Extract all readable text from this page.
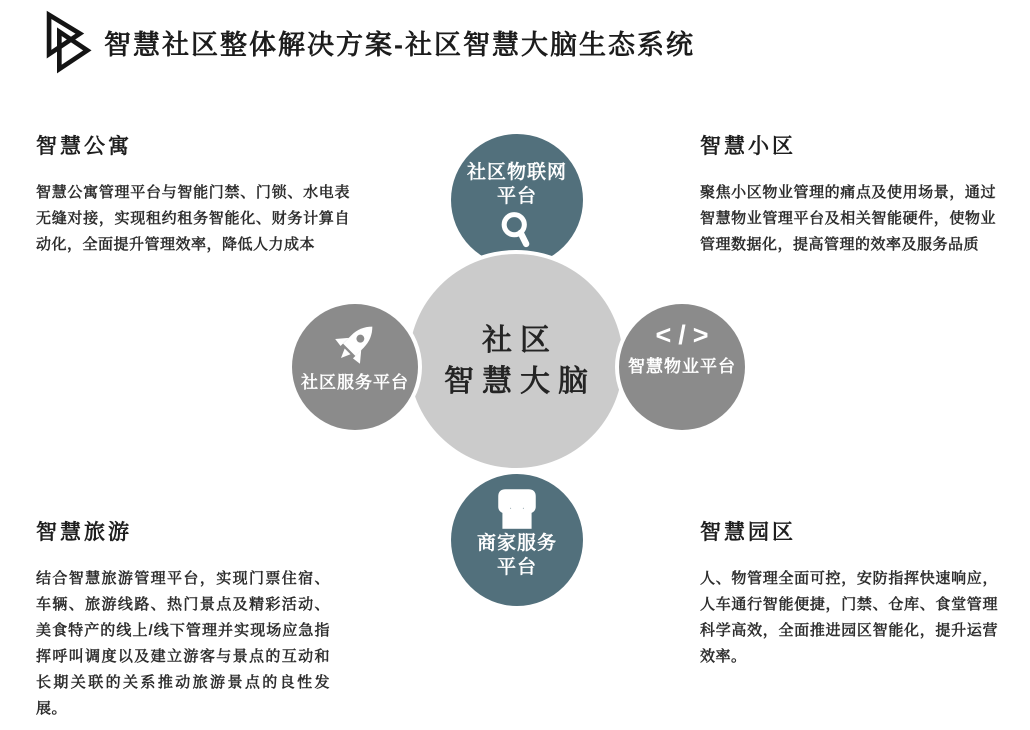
智慧社区整体解决方案-社区智慧大脑生态系统
智慧公寓

智慧公寓管理平台与智能门禁、门锁、水电表无缝对接，实现租约租务智能化、财务计算自动化，全面提升管理效率，降低人力成本

智慧小区

聚焦小区物业管理的痛点及使用场景，通过智慧物业管理平台及相关智能硬件，使物业管理数据化，提高管理的效率及服务品质

智慧旅游

结合智慧旅游管理平台，实现门票住宿、车辆、旅游线路、热门景点及精彩活动、美食特产的线上/线下管理并实现场应急指挥呼叫调度以及建立游客与景点的互动和长期关联的关系推动旅游景点的良性发展。

智慧园区

人、物管理全面可控，安防指挥快速响应，人车通行智能便捷，门禁、仓库、食堂管理科学高效，全面推进园区智能化，提升运营效率。

社区物联网
平台
社区
智慧大脑
社区服务平台
</>
智慧物业平台
商家服务
平台
